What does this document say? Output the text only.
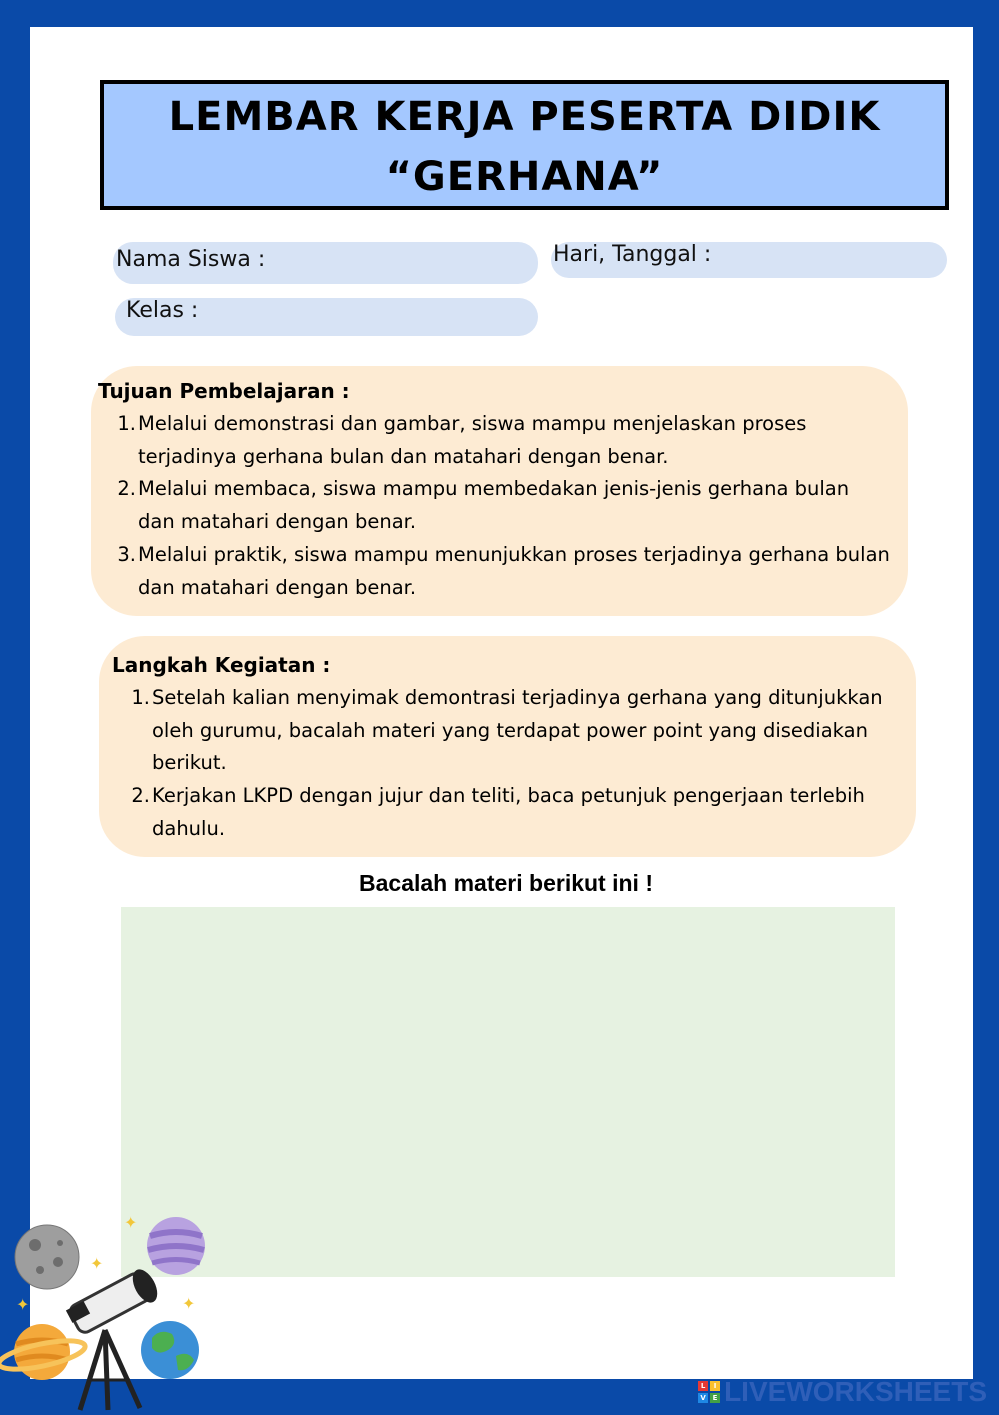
LEMBAR KERJA PESERTA DIDIK
“GERHANA”
Nama Siswa :	Hari, Tanggal :
Kelas :
Tujuan Pembelajaran :
1. Melalui demonstrasi dan gambar, siswa mampu menjelaskan proses
terjadinya gerhana bulan dan matahari dengan benar.
2. Melalui membaca, siswa mampu membedakan jenis-jenis gerhana bulan
dan matahari dengan benar.
3. Melalui praktik, siswa mampu menunjukkan proses terjadinya gerhana bulan
dan matahari dengan benar.
Langkah Kegiatan :
1. Setelah kalian menyimak demontrasi terjadinya gerhana yang ditunjukkan
oleh gurumu, bacalah materi yang terdapat power point yang disediakan
berikut.
2. Kerjakan LKPD dengan jujur dan teliti, baca petunjuk pengerjaan terlebih
dahulu.
Bacalah materi berikut ini !
✦
✦
✦	✦
L	I
V E LIVEWORKSHEETS
